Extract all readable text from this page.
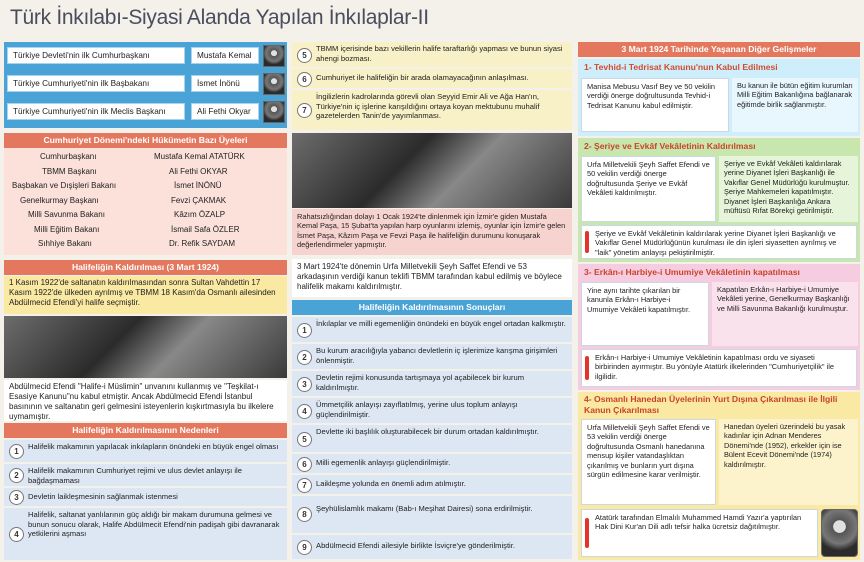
Türk İnkılabı-Siyasi Alanda Yapılan İnkılaplar-II
Türkiye Devleti'nin ilk Cumhurbaşkanı	Mustafa Kemal
Türkiye Cumhuriyeti'nin ilk Başbakanı	İsmet İnönü
Türkiye Cumhuriyeti'nin ilk Meclis Başkanı	Ali Fethi Okyar
Cumhuriyet Dönemi'ndeki Hükümetin Bazı Üyeleri
Cumhurbaşkanı	Mustafa Kemal ATATÜRK
TBMM Başkanı	Ali Fethi OKYAR
Başbakan ve Dışişleri Bakanı	İsmet İNÖNÜ
Genelkurmay Başkanı	Fevzi ÇAKMAK
Milli Savunma Bakanı	Kâzım ÖZALP
Milli Eğitim Bakanı	İsmail Safa ÖZLER
Sıhhiye Bakanı	Dr. Refik SAYDAM
Halifeliğin Kaldırılması (3 Mart 1924)
1 Kasım 1922'de saltanatın kaldırılmasından sonra Sultan Vahdettin 17 Kasım 1922'de ülkeden ayrılmış ve TBMM 18 Kasım'da Osmanlı ailesinden Abdülmecid Efendi'yi halife seçmiştir.
Abdülmecid Efendi "Halife-i Müslimin" unvanını kullanmış ve "Teşkilat-ı Esasiye Kanunu"nu kabul etmiştir. Ancak Abdülmecid Efendi İstanbul basınının ve saltanatın geri gelmesini isteyenlerin kışkırtmasıyla bu ilkelere uymamıştır.
Halifeliğin Kaldırılmasının Nedenleri
1
Halifelik makamının yapılacak inkılapların önündeki en büyük engel olması
2
Halifelik makamının Cumhuriyet rejimi ve ulus devlet anlayışı ile bağdaşmaması
3	Devletin laikleşmesinin sağlanmak istenmesi
4
Halifelik, saltanat yanlılarının güç aldığı bir makam durumuna gelmesi ve bunun sonucu olarak, Halife Abdülmecit Efendi'nin padişah gibi davranarak yetkilerini aşması
5
TBMM içerisinde bazı vekillerin halife taraftarlığı yapması ve bunun siyasi ahengi bozması.
6	Cumhuriyet ile halifeliğin bir arada olamayacağının anlaşılması.
7
İngilizlerin kadrolarında görevli olan Seyyid Emir Ali ve Ağa Han'ın, Türkiye'nin iç işlerine karışıldığını ortaya koyan mektubunu muhalif gazetelerden Tanin'de yayımlanması.
Rahatsızlığından dolayı 1 Ocak 1924'te dinlenmek için İzmir'e giden Mustafa Kemal Paşa, 15 Şubat'ta yapılan harp oyunlarını izlemiş, oyunlar için İzmir'e gelen İsmet Paşa, Kâzım Paşa ve Fevzi Paşa ile halifeliğin durumunu konuşarak değerlendirmeler yapmıştır.
3 Mart 1924'te dönemin Urfa Milletvekili Şeyh Saffet Efendi ve 53 arkadaşının verdiği kanun teklifi TBMM tarafından kabul edilmiş ve böylece halifelik makamı kaldırılmıştır.
Halifeliğin Kaldırılmasının Sonuçları
1
İnkılaplar ve milli egemenliğin önündeki en büyük engel ortadan kalkmıştır.
2
Bu kurum aracılığıyla yabancı devletlerin iç işlerimize karışma girişimleri önlenmiştir.
3
Devletin rejimi konusunda tartışmaya yol açabilecek bir kurum kaldırılmıştır.
4
Ümmetçilik anlayışı zayıflatılmış, yerine ulus toplum anlayışı güçlendirilmiştir.
5
Devlette iki başlılık oluşturabilecek bir durum ortadan kaldırılmıştır.
6	Milli egemenlik anlayışı güçlendirilmiştir.
7	Laikleşme yolunda en önemli adım atılmıştır.
8
Şeyhülislamlık makamı (Bab-ı Meşihat Dairesi) sona erdirilmiştir.
9	Abdülmecid Efendi ailesiyle birlikte İsviçre'ye gönderilmiştir.
3 Mart 1924 Tarihinde Yaşanan Diğer Gelişmeler
1- Tevhid-i Tedrisat Kanunu'nun Kabul Edilmesi
Manisa Mebusu Vasıf Bey ve 50 vekilin verdiği önerge doğrultusunda Tevhid-i Tedrisat Kanunu kabul edilmiştir.
Bu kanun ile bütün eğitim kurumları Milli Eğitim Bakanlığına bağlanarak eğitimde birlik sağlanmıştır.
2- Şeriye ve Evkâf Vekâletinin Kaldırılması
Urfa Milletvekili Şeyh Saffet Efendi ve 50 vekilin verdiği önerge doğrultusunda Şeriye ve Evkâf Vekâleti kaldırılmıştır.
Şeriye ve Evkâf Vekâleti kaldırılarak yerine Diyanet İşleri Başkanlığı ile Vakıflar Genel Müdürlüğü kurulmuştur. Şeriye Mahkemeleri kapatılmıştır. Diyanet İşleri Başkanlığa Ankara müftüsü Rıfat Börekçi getirilmiştir.
Şeriye ve Evkâf Vekâletinin kaldırılarak yerine Diyanet İşleri Başkanlığı ve Vakıflar Genel Müdürlüğünün kurulması ile din işleri siyasetten ayrılmış ve "laik" yönetim anlayışı pekiştirilmiştir.
3- Erkân-ı Harbiye-i Umumiye Vekâletinin kapatılması
Yine aynı tarihte çıkarılan bir kanunla Erkân-ı Harbiye-i Umumiye Vekâleti kapatılmıştır.
Kapatılan Erkân-ı Harbiye-i Umumiye Vekâleti yerine, Genelkurmay Başkanlığı ve Milli Savunma Bakanlığı kurulmuştur.
Erkân-ı Harbiye-i Umumiye Vekâletinin kapatılması ordu ve siyaseti birbirinden ayırmıştır. Bu yönüyle Atatürk ilkelerinden "Cumhuriyetçilik" ile ilgilidir.
4- Osmanlı Hanedan Üyelerinin Yurt Dışına Çıkarılması ile İlgili Kanun Çıkarılması
Urfa Milletvekili Şeyh Saffet Efendi ve 53 vekilin verdiği önerge doğrultusunda Osmanlı hanedanına mensup kişiler vatandaşlıktan çıkarılmış ve bunların yurt dışına sürgün edilmesine karar verilmiştir.
Hanedan üyeleri üzerindeki bu yasak kadınlar için Adnan Menderes Dönemi'nde (1952), erkekler için ise Bülent Ecevit Dönemi'nde (1974) kaldırılmıştır.
Atatürk tarafından Elmalılı Muhammed Hamdi Yazır'a yaptırılan Hak Dini Kur'an Dili adlı tefsir halka ücretsiz dağıtılmıştır.
